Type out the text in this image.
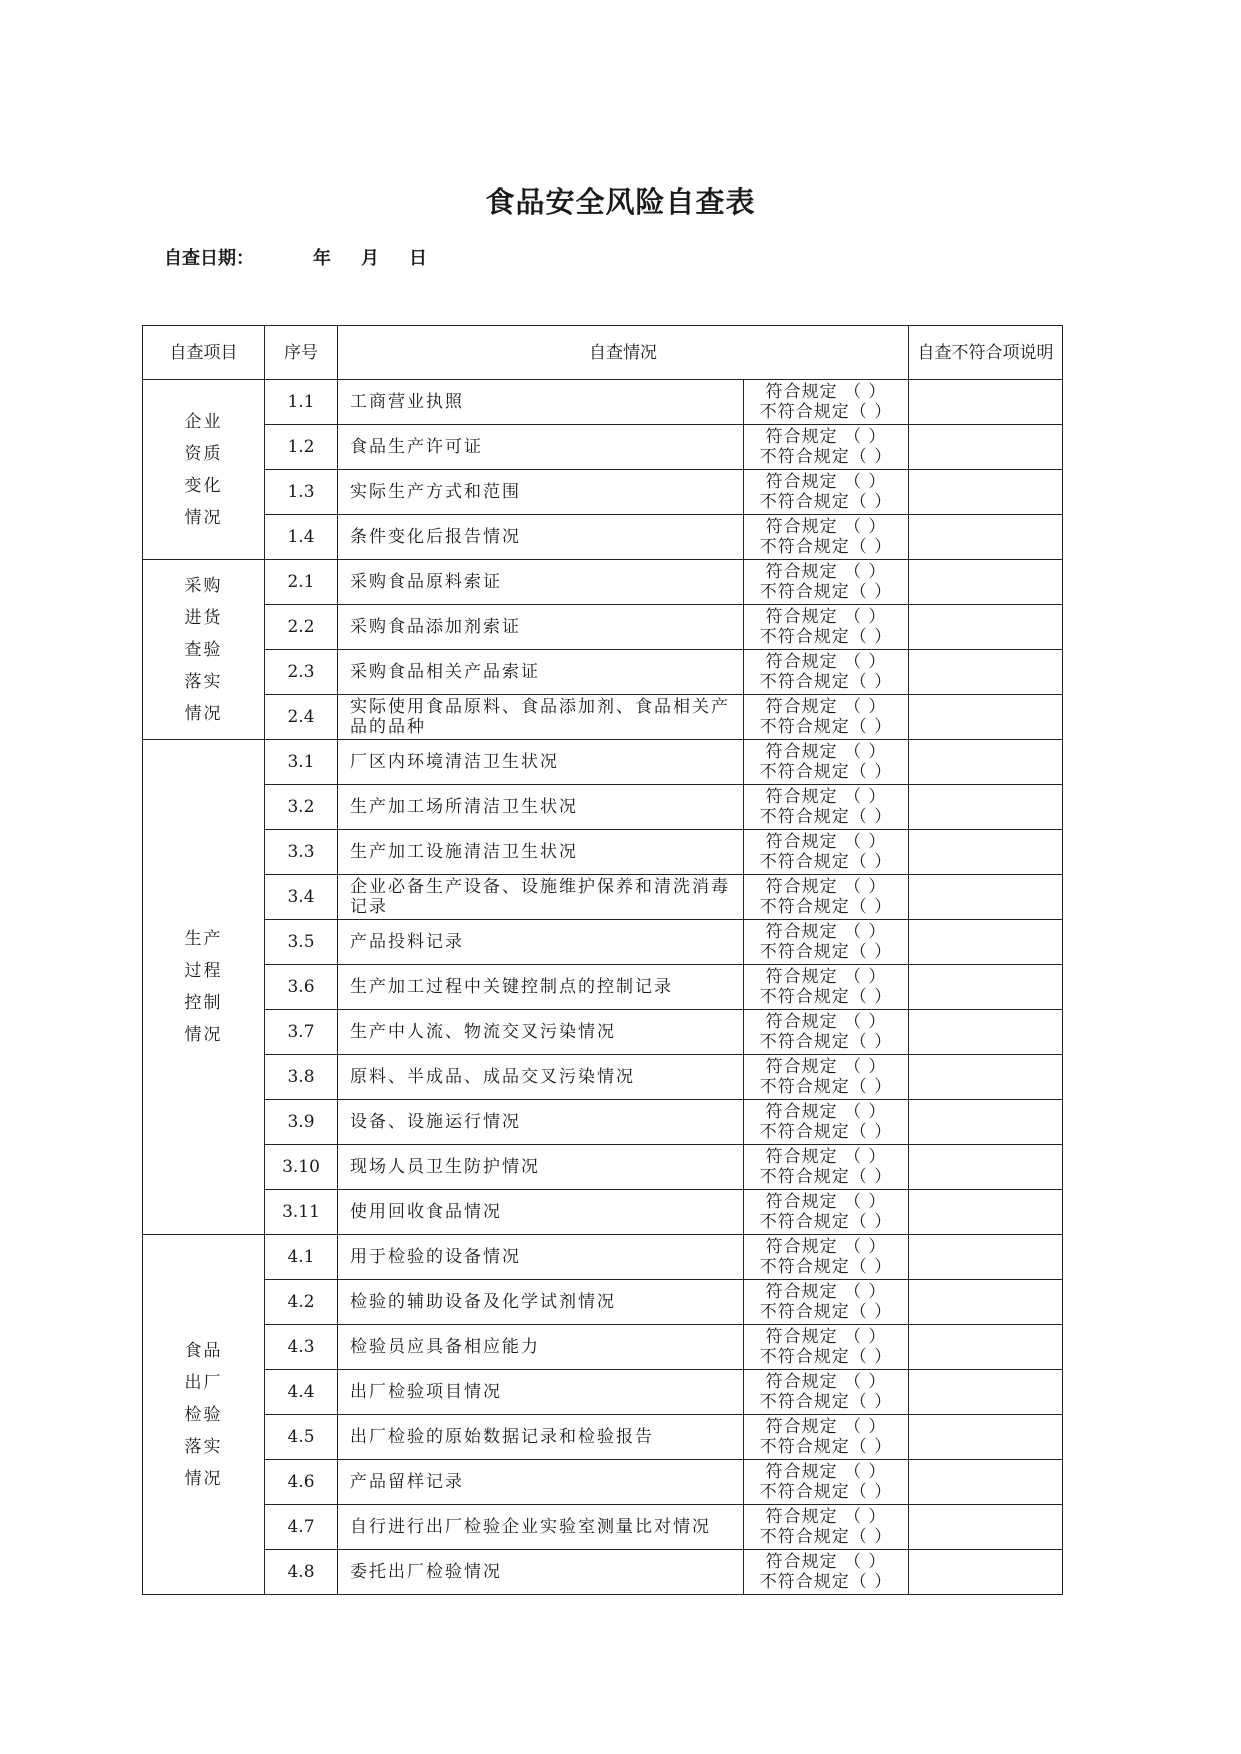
食品安全风险自查表
自查日期：	年 月 日
自查项目	序号	自查情况		自查不符合项说明

企业
资质
变化
情况	1.1	工商营业执照	符合规定 （ ）
不符合规定（ ）	

	1.2	食品生产许可证	符合规定 （ ）
不符合规定（ ）	

	1.3	实际生产方式和范围	符合规定 （ ）
不符合规定（ ）	

	1.4	条件变化后报告情况	符合规定 （ ）
不符合规定（ ）	

采购
进货
查验
落实
情况	2.1	采购食品原料索证	符合规定 （ ）
不符合规定（ ）	

	2.2	采购食品添加剂索证	符合规定 （ ）
不符合规定（ ）	

	2.3	采购食品相关产品索证	符合规定 （ ）
不符合规定（ ）	

	2.4	实际使用食品原料、食品添加剂、食品相关产品的品种	符合规定 （ ）
不符合规定（ ）	

生产
过程
控制
情况	3.1	厂区内环境清洁卫生状况	符合规定 （ ）
不符合规定（ ）	

	3.2	生产加工场所清洁卫生状况	符合规定 （ ）
不符合规定（ ）	

	3.3	生产加工设施清洁卫生状况	符合规定 （ ）
不符合规定（ ）	

	3.4	企业必备生产设备、设施维护保养和清洗消毒记录	符合规定 （ ）
不符合规定（ ）	

	3.5	产品投料记录	符合规定 （ ）
不符合规定（ ）	

	3.6	生产加工过程中关键控制点的控制记录	符合规定 （ ）
不符合规定（ ）	

	3.7	生产中人流、物流交叉污染情况	符合规定 （ ）
不符合规定（ ）	

	3.8	原料、半成品、成品交叉污染情况	符合规定 （ ）
不符合规定（ ）	

	3.9	设备、设施运行情况	符合规定 （ ）
不符合规定（ ）	

	3.10	现场人员卫生防护情况	符合规定 （ ）
不符合规定（ ）	

	3.11	使用回收食品情况	符合规定 （ ）
不符合规定（ ）	

食品
出厂
检验
落实
情况	4.1	用于检验的设备情况	符合规定 （ ）
不符合规定（ ）	

	4.2	检验的辅助设备及化学试剂情况	符合规定 （ ）
不符合规定（ ）	

	4.3	检验员应具备相应能力	符合规定 （ ）
不符合规定（ ）	

	4.4	出厂检验项目情况	符合规定 （ ）
不符合规定（ ）	

	4.5	出厂检验的原始数据记录和检验报告	符合规定 （ ）
不符合规定（ ）	

	4.6	产品留样记录	符合规定 （ ）
不符合规定（ ）	

	4.7	自行进行出厂检验企业实验室测量比对情况	符合规定 （ ）
不符合规定（ ）	

	4.8	委托出厂检验情况	符合规定 （ ）
不符合规定（ ）	
